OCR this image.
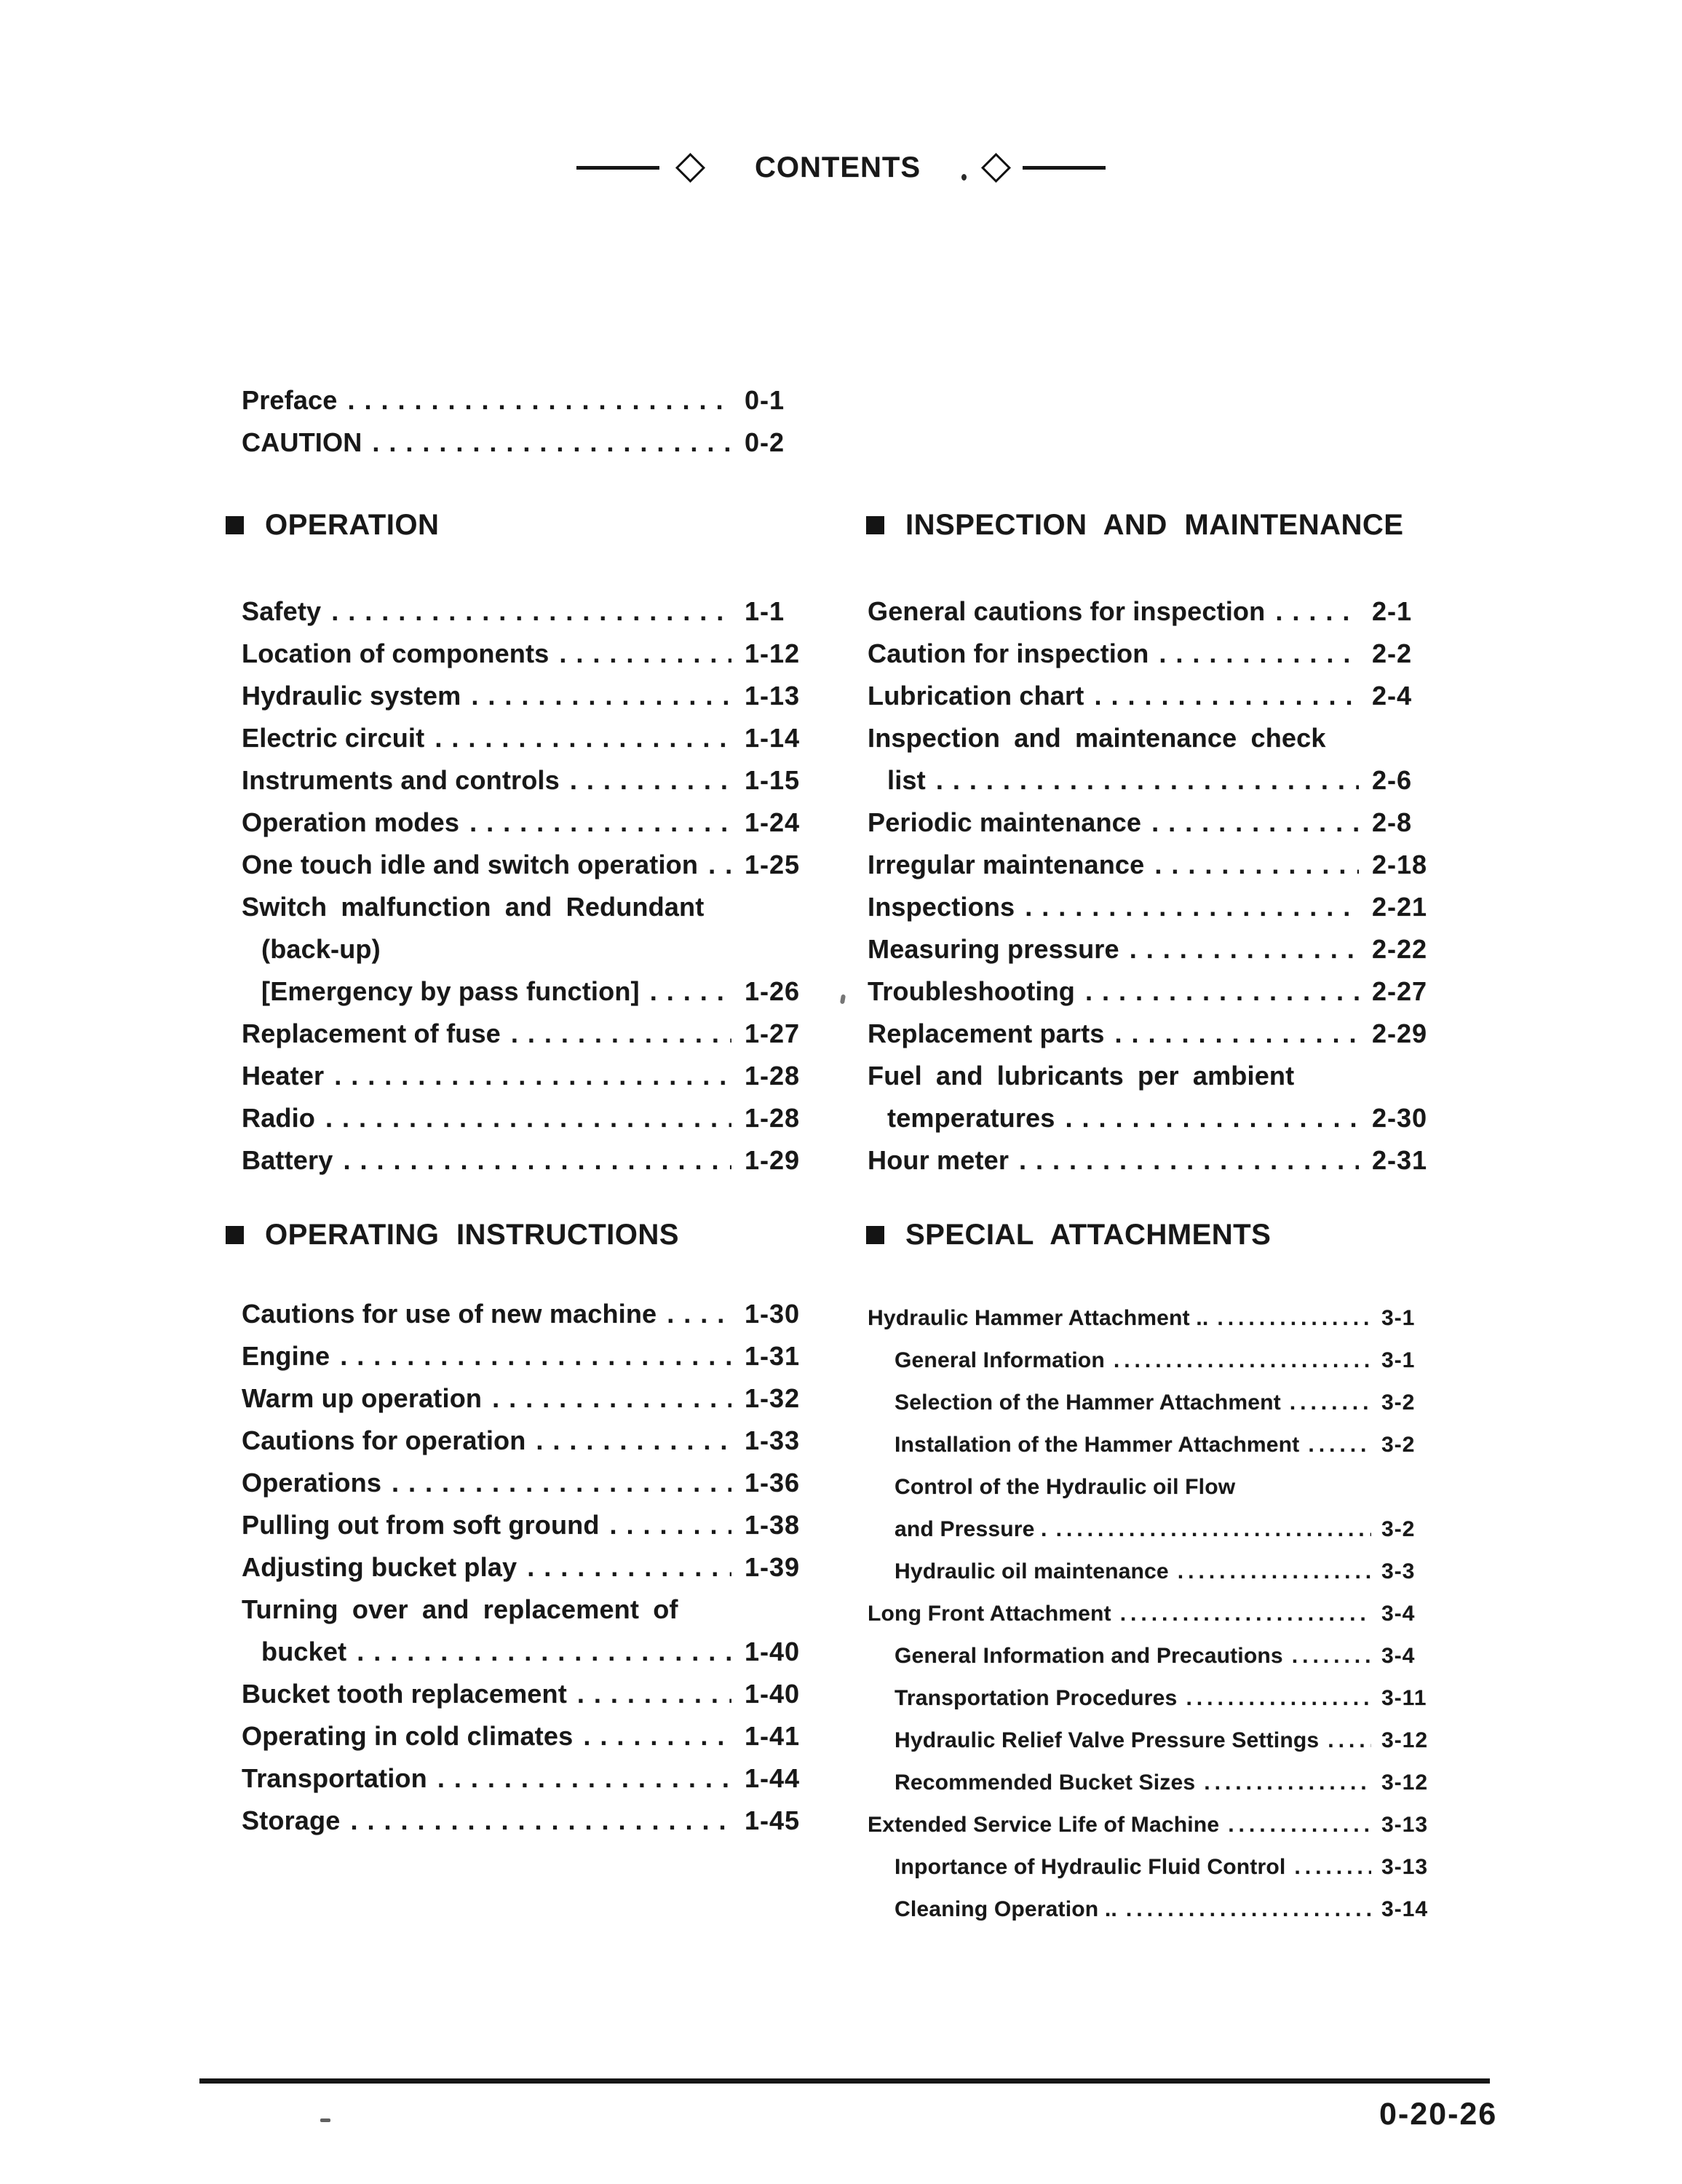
CONTENTS
Preface .....	0-1
CAUTION .....	0-2
OPERATION
Safety .....	1-1
Location of components .....	1-12
Hydraulic system .....	1-13
Electric circuit .....	1-14
Instruments and controls .....	1-15
Operation modes .....	1-24
One touch idle and switch operation ..... 1-25
Switch malfunction and Redundant
(back-up)
[Emergency by pass function] .....	1-26
Replacement of fuse .....	1-27
Heater .....	1-28
Radio .....	1-28
Battery .....	1-29
OPERATING INSTRUCTIONS
Cautions for use of new machine .....	1-30
Engine .....	1-31
Warm up operation .....	1-32
Cautions for operation .....	1-33
Operations .....	1-36
Pulling out from soft ground .....	1-38
Adjusting bucket play .....	1-39
Turning over and replacement of
bucket .....	1-40
Bucket tooth replacement .....	1-40
Operating in cold climates .....	1-41
Transportation .....	1-44
Storage .....	1-45
INSPECTION AND MAINTENANCE
General cautions for inspection .....	2-1
Caution for inspection .....	2-2
Lubrication chart .....	2-4
Inspection and maintenance check
list .....	2-6
Periodic maintenance .....	2-8
Irregular maintenance .....	2-18
Inspections .....	2-21
Measuring pressure .....	2-22
Troubleshooting .....	2-27
Replacement parts .....	2-29
Fuel and lubricants per ambient
temperatures .....	2-30
Hour meter .....	2-31
SPECIAL ATTACHMENTS
Hydraulic Hammer Attachment .. .....	3-1
General Information .....	3-1
Selection of the Hammer Attachment .....	3-2
Installation of the Hammer Attachment .....	3-2
Control of the Hydraulic oil Flow
and Pressure . .....	3-2
Hydraulic oil maintenance .....	3-3
Long Front Attachment .....	3-4
General Information and Precautions .....	3-4
Transportation Procedures .....	3-11
Hydraulic Relief Valve Pressure Settings .....	3-12
Recommended Bucket Sizes .....	3-12
Extended Service Life of Machine .....	3-13
Inportance of Hydraulic Fluid Control .....	3-13
Cleaning Operation .. .....	3-14
0-20-26
